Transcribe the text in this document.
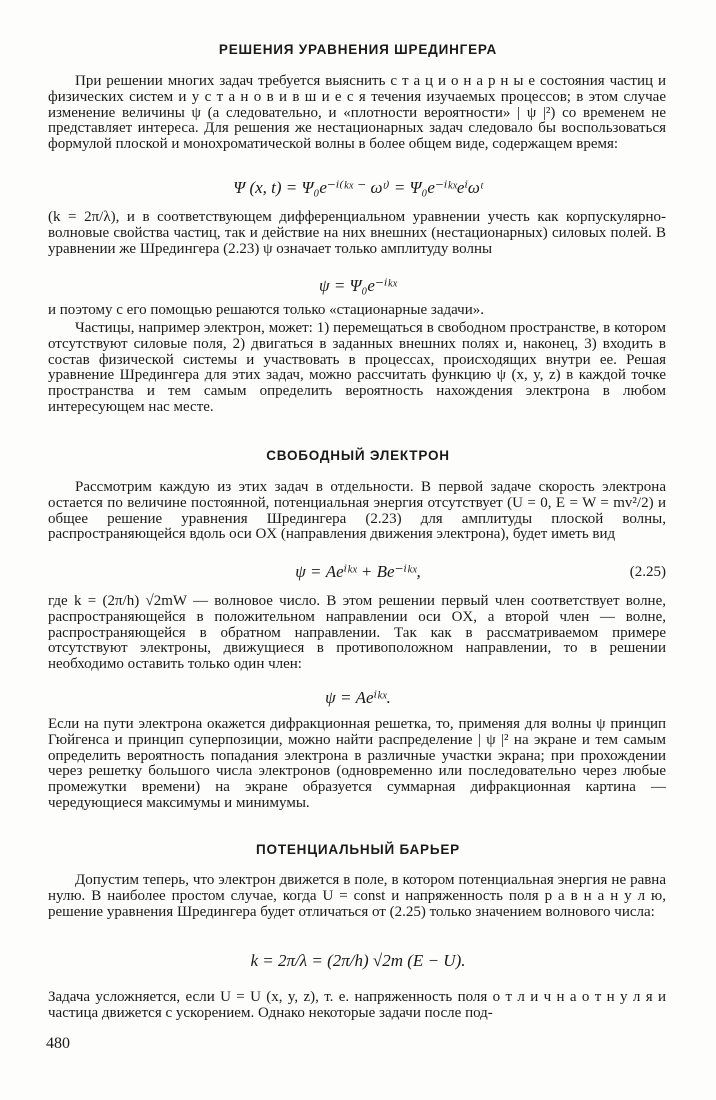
РЕШЕНИЯ УРАВНЕНИЯ ШРЕДИНГЕРА
При решении многих задач требуется выяснить с т а ц и о н а р н ы е состояния частиц и физических систем и у с т а н о в и в ш и е с я течения изучаемых процессов; в этом случае изменение величины ψ (а следовательно, и «плотности вероятности» | ψ |²) со временем не представляет интереса. Для решения же нестационарных задач следовало бы воспользоваться формулой плоской и монохроматической волны в более общем виде, содержащем время:
Ψ (x, t) = Ψ₀e⁻ⁱ⁽ᵏˣ ⁻ ωᵗ⁾ = Ψ₀e⁻ⁱᵏˣeⁱωᵗ
(k = 2π/λ), и в соответствующем дифференциальном уравнении учесть как корпускулярно-волновые свойства частиц, так и действие на них внешних (нестационарных) силовых полей. В уравнении же Шредингера (2.23) ψ означает только амплитуду волны
ψ = Ψ₀e⁻ⁱᵏˣ
и поэтому с его помощью решаются только «стационарные задачи».
Частицы, например электрон, может: 1) перемещаться в свободном пространстве, в котором отсутствуют силовые поля, 2) двигаться в заданных внешних полях и, наконец, 3) входить в состав физической системы и участвовать в процессах, происходящих внутри ее. Решая уравнение Шредингера для этих задач, можно рассчитать функцию ψ (x, y, z) в каждой точке пространства и тем самым определить вероятность нахождения электрона в любом интересующем нас месте.
СВОБОДНЫЙ ЭЛЕКТРОН
Рассмотрим каждую из этих задач в отдельности. В первой задаче скорость электрона остается по величине постоянной, потенциальная энергия отсутствует (U = 0, E = W = mv²/2) и общее решение уравнения Шредингера (2.23) для амплитуды плоской волны, распространяющейся вдоль оси OX (направления движения электрона), будет иметь вид
ψ = Aeⁱᵏˣ + Be⁻ⁱᵏˣ,	(2.25)
где k = (2π/h) √2mW — волновое число. В этом решении первый член соответствует волне, распространяющейся в положительном направлении оси OX, а второй член — волне, распространяющейся в обратном направлении. Так как в рассматриваемом примере отсутствуют электроны, движущиеся в противоположном направлении, то в решении необходимо оставить только один член:
ψ = Aeⁱᵏˣ.
Если на пути электрона окажется дифракционная решетка, то, применяя для волны ψ принцип Гюйгенса и принцип суперпозиции, можно найти распределение | ψ |² на экране и тем самым определить вероятность попадания электрона в различные участки экрана; при прохождении через решетку большого числа электронов (одновременно или последовательно через любые промежутки времени) на экране образуется суммарная дифракционная картина — чередующиеся максимумы и минимумы.
ПОТЕНЦИАЛЬНЫЙ БАРЬЕР
Допустим теперь, что электрон движется в поле, в котором потенциальная энергия не равна нулю. В наиболее простом случае, когда U = const и напряженность поля р а в н а н у л ю, решение уравнения Шредингера будет отличаться от (2.25) только значением волнового числа:
k = 2π/λ = (2π/h) √2m (E − U).
Задача усложняется, если U = U (x, y, z), т. е. напряженность поля о т л и ч н а о т н у л я и частица движется с ускорением. Однако некоторые задачи после под-
480
